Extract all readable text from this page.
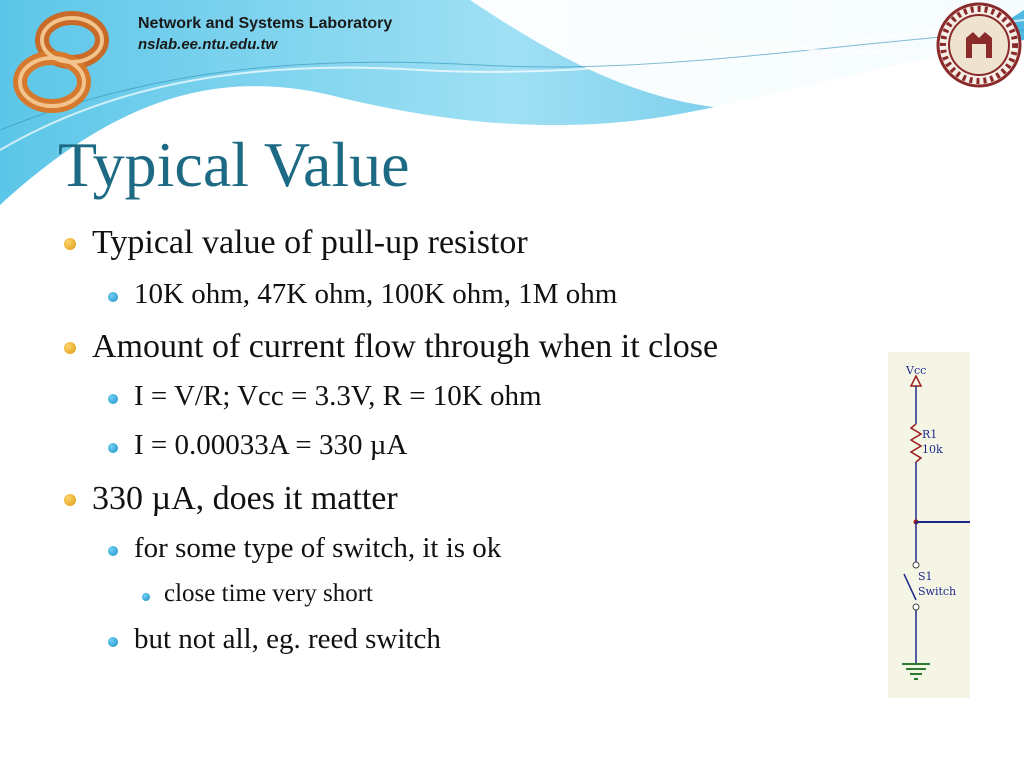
Network and Systems Laboratory
nslab.ee.ntu.edu.tw
Typical Value
Typical value of pull-up resistor
10K ohm, 47K ohm, 100K ohm, 1M ohm
Amount of current flow through when it close
I = V/R; Vcc = 3.3V, R = 10K ohm
I = 0.00033A = 330 µA
330 µA, does it matter
for some type of switch, it is ok
close time very short
but not all, eg. reed switch
Vcc
R1
10k
S1
Switch
